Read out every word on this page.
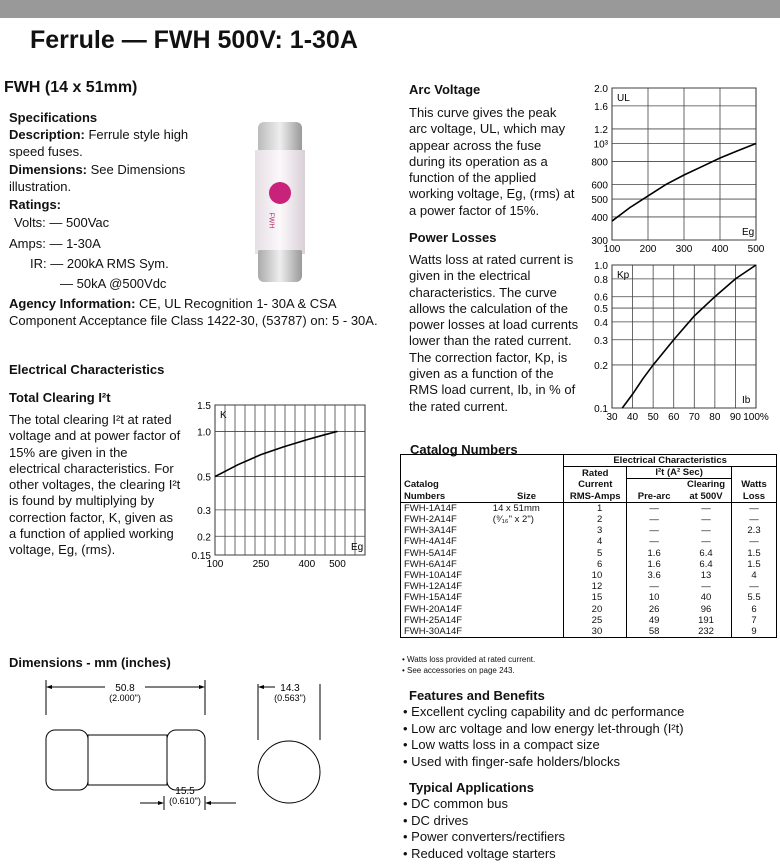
Ferrule — FWH 500V: 1-30A
FWH (14 x 51mm)
Specifications
Description: Ferrule style high speed fuses.
Dimensions: See Dimensions illustration.
Ratings:
Volts: — 500Vac
Amps: — 1-30A
IR: — 200kA RMS Sym.
— 50kA @500Vdc
Agency Information: CE, UL Recognition 1- 30A & CSA Component Acceptance file Class 1422-30, (53787) on: 5 - 30A.
FWH
Electrical Characteristics
Total Clearing I²t
The total clearing I²t at rated voltage and at power factor of 15% are given in the electrical characteristics. For other voltages, the clearing I²t is found by multiplying by correction factor, K, given as a function of applied working voltage, Eg, (rms).
Arc Voltage
This curve gives the peak arc voltage, UL, which may appear across the fuse during its operation as a function of the applied working voltage, Eg, (rms) at a power factor of 15%.
Power Losses
Watts loss at rated current is given in the electrical characteristics. The curve allows the calculation of the power losses at load currents lower than the rated current. The correction factor, Kp, is given as a function of the RMS load current, Ib, in % of the rated current.
2.0
1.6
1.2
10³
800
600
500
400
300
100 200 300 400 500
UL
Eg
1.0
0.8
0.6
0.5
0.4
0.3
0.2
0.1
30 40 50 60 70 80 90 100%
Kp
Ib
1.5
1.0
0.5
0.3
0.2
0.15
100	250	400 500
K
Eg
Catalog Numbers
		Electrical Characteristics			
		Rated Current RMS-Amps	I²t (A² Sec)		
Catalog				Clearing at 500V	Watts
Numbers	Size		Pre-arc		Loss
FWH-1A14F	14 x 51mm	1	—	—	—
FWH-2A14F	(⁹⁄₁₆" x 2")	2	—	—	—
FWH-3A14F		3	—	—	2.3
FWH-4A14F		4	—	—	—
FWH-5A14F		5	1.6	6.4	1.5
FWH-6A14F		6	1.6	6.4	1.5
FWH-10A14F		10	3.6	13	4
FWH-12A14F		12	—	—	—
FWH-15A14F		15	10	40	5.5
FWH-20A14F		20	26	96	6
FWH-25A14F		25	49	191	7
FWH-30A14F		30	58	232	9
• Watts loss provided at rated current.
• See accessories on page 243.
Dimensions - mm (inches)
50.8
(2.000")
15.5
(0.610")
14.3
(0.563")	Features and Benefits
• Excellent cycling capability and dc performance
• Low arc voltage and low energy let-through (I²t)
• Low watts loss in a compact size
• Used with finger-safe holders/blocks
Typical Applications
• DC common bus
• DC drives
• Power converters/rectifiers
• Reduced voltage starters
